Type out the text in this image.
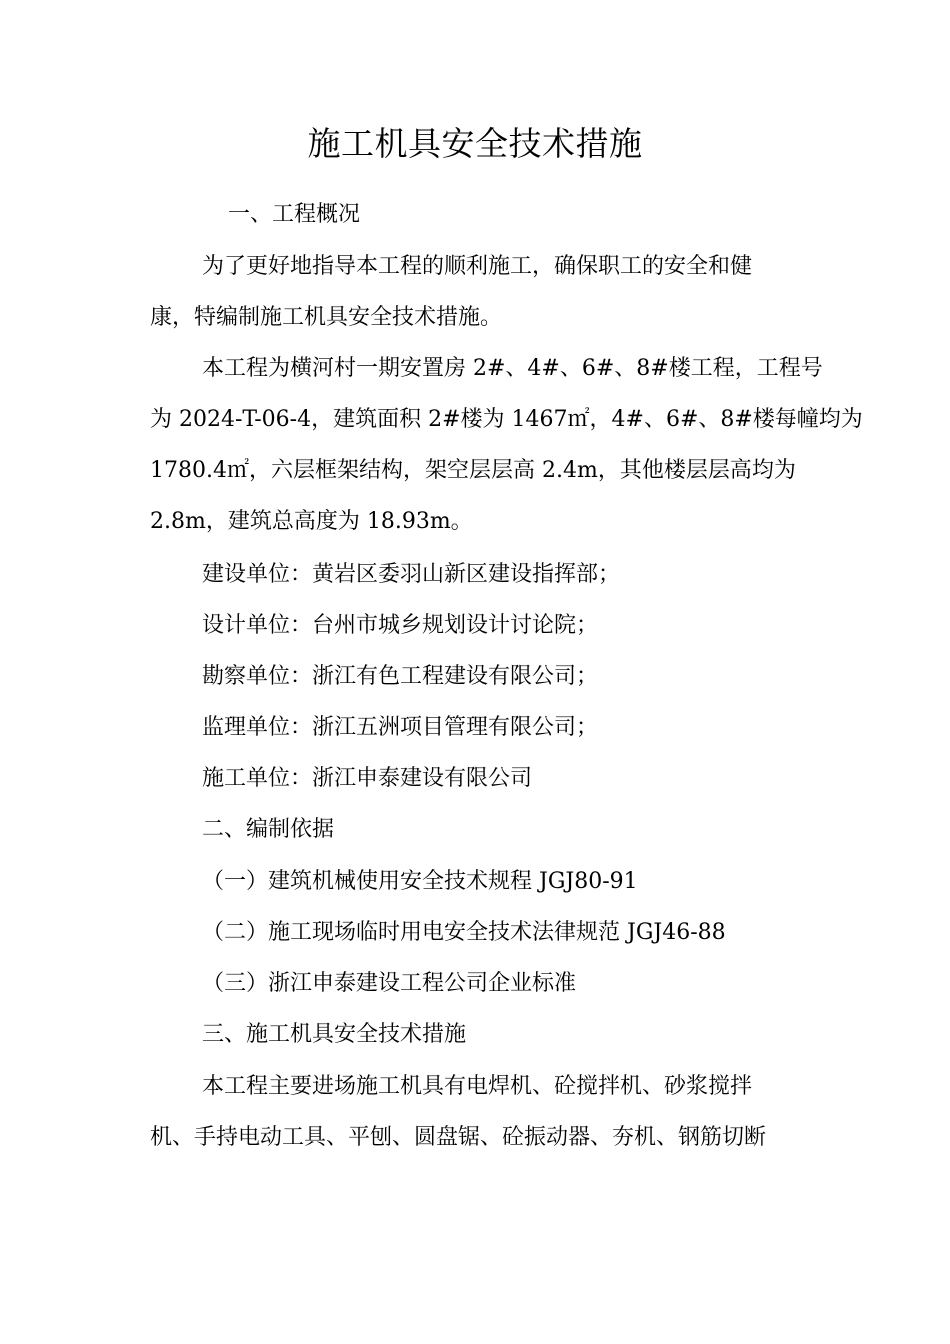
施工机具安全技术措施
一、工程概况
为了更好地指导本工程的顺利施工，确保职工的安全和健
康，特编制施工机具安全技术措施。
本工程为横河村一期安置房 2#、4#、6#、8#楼工程，工程号
为 2024-T-06-4，建筑面积 2#楼为 1467㎡，4#、6#、8#楼每幢均为
1780.4㎡，六层框架结构，架空层层高 2.4m，其他楼层层高均为
2.8m，建筑总高度为 18.93m。
建设单位：黄岩区委羽山新区建设指挥部；
设计单位：台州市城乡规划设计讨论院；
勘察单位：浙江有色工程建设有限公司；
监理单位：浙江五洲项目管理有限公司；
施工单位：浙江申泰建设有限公司
二、编制依据
（一）建筑机械使用安全技术规程 JGJ80-91
（二）施工现场临时用电安全技术法律规范 JGJ46-88
（三）浙江申泰建设工程公司企业标准
三、施工机具安全技术措施
本工程主要进场施工机具有电焊机、砼搅拌机、砂浆搅拌
机、手持电动工具、平刨、圆盘锯、砼振动器、夯机、钢筋切断
